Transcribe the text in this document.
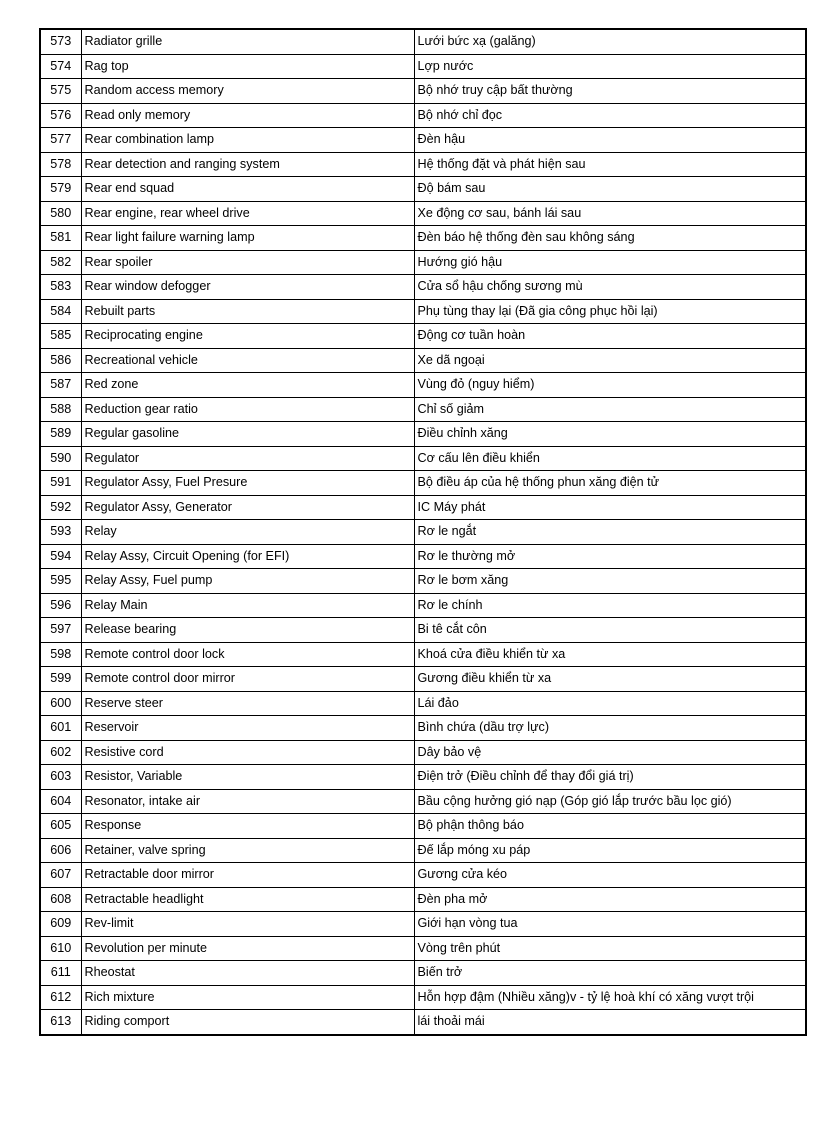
573	Radiator grille	Lưới bức xạ (galăng)
574	Rag top	Lợp nước
575	Random access memory	Bộ nhớ truy cập bất thường
576	Read only memory	Bộ nhớ chỉ đọc
577	Rear combination lamp	Đèn hậu
578	Rear detection and ranging system	Hệ thống đặt và phát hiện sau
579	Rear end squad	Độ bám sau
580	Rear engine, rear wheel drive	Xe động cơ sau, bánh lái sau
581	Rear light failure warning lamp	Đèn báo hệ thống đèn sau không sáng
582	Rear spoiler	Hướng gió hậu
583	Rear window defogger	Cửa sổ hậu chống sương mù
584	Rebuilt parts	Phụ tùng thay lại (Đã gia công phục hồi lại)
585	Reciprocating engine	Động cơ tuần hoàn
586	Recreational vehicle	Xe dã ngoại
587	Red zone	Vùng đỏ (nguy hiểm)
588	Reduction gear ratio	Chỉ số giảm
589	Regular gasoline	Điều chỉnh xăng
590	Regulator	Cơ cấu lên điều khiển
591	Regulator Assy, Fuel Presure	Bộ điều áp của hệ thống phun xăng điện tử
592	Regulator Assy, Generator	IC Máy phát
593	Relay	Rơ le ngắt
594	Relay Assy, Circuit Opening (for EFI)	Rơ le thường mở
595	Relay Assy, Fuel pump	Rơ le bơm xăng
596	Relay Main	Rơ le chính
597	Release bearing	Bi tê cắt côn
598	Remote control door lock	Khoá cửa điều khiển từ xa
599	Remote control door mirror	Gương điều khiển từ xa
600	Reserve steer	Lái đảo
601	Reservoir	Bình chứa (dầu trợ lực)
602	Resistive cord	Dây bảo vệ
603	Resistor, Variable	Điện trở (Điều chỉnh để thay đổi giá trị)
604	Resonator, intake air	Bầu cộng hưởng gió nạp (Góp gió lắp trước bầu lọc gió)
605	Response	Bộ phận thông báo
606	Retainer, valve spring	Đế lắp móng xu páp
607	Retractable door mirror	Gương cửa kéo
608	Retractable headlight	Đèn pha mở
609	Rev-limit	Giới hạn vòng tua
610	Revolution per minute	Vòng trên phút
611	Rheostat	Biến trở
612	Rich mixture	Hỗn hợp đậm (Nhiều xăng)v - tỷ lệ hoà khí có xăng vượt trội
613	Riding comport	lái thoải mái
